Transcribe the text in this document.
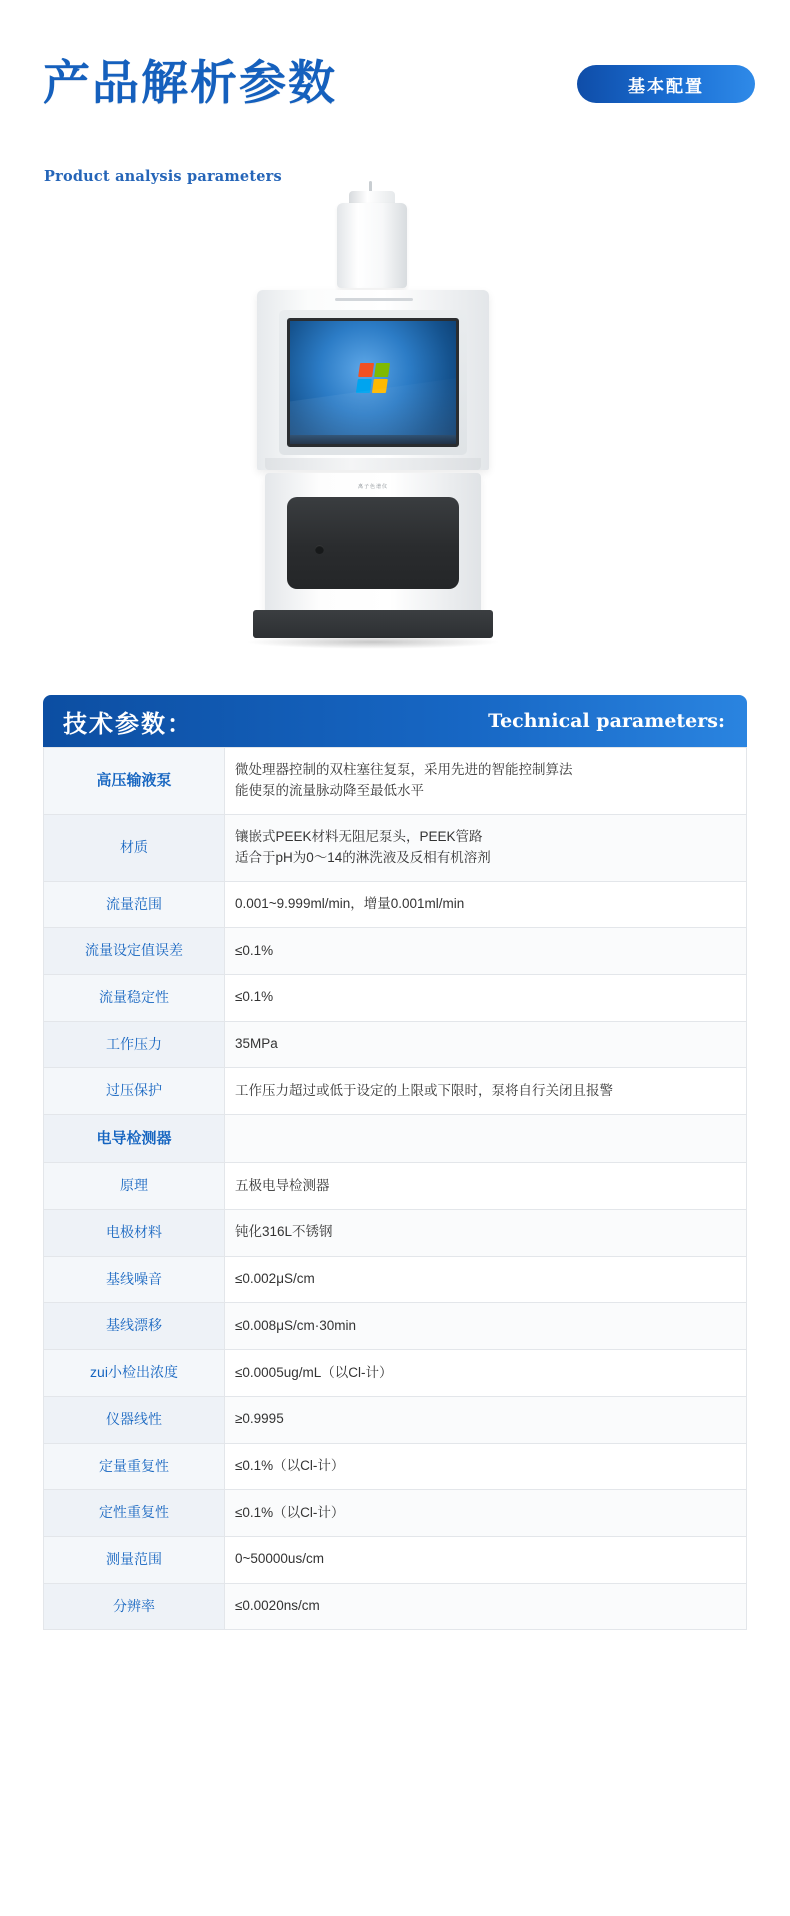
产品解析参数
Product analysis parameters
基本配置
离子色谱仪
技术参数：	Technical parameters:
高压输液泵	微处理器控制的双柱塞往复泵，采用先进的智能控制算法
能使泵的流量脉动降至最低水平

材质	镶嵌式PEEK材料无阻尼泵头，PEEK管路
适合于pH为0～14的淋洗液及反相有机溶剂

流量范围	0.001~9.999ml/min，增量0.001ml/min

流量设定值误差	≤0.1%

流量稳定性	≤0.1%

工作压力	35MPa

过压保护	工作压力超过或低于设定的上限或下限时，泵将自行关闭且报警

电导检测器	

原理	五极电导检测器

电极材料	钝化316L不锈钢

基线噪音	≤0.002μS/cm

基线漂移	≤0.008μS/cm·30min

zui小检出浓度	≤0.0005ug/mL（以Cl-计）

仪器线性	≥0.9995

定量重复性	≤0.1%（以Cl-计）

定性重复性	≤0.1%（以Cl-计）

测量范围	0~50000us/cm

分辨率	≤0.0020ns/cm
